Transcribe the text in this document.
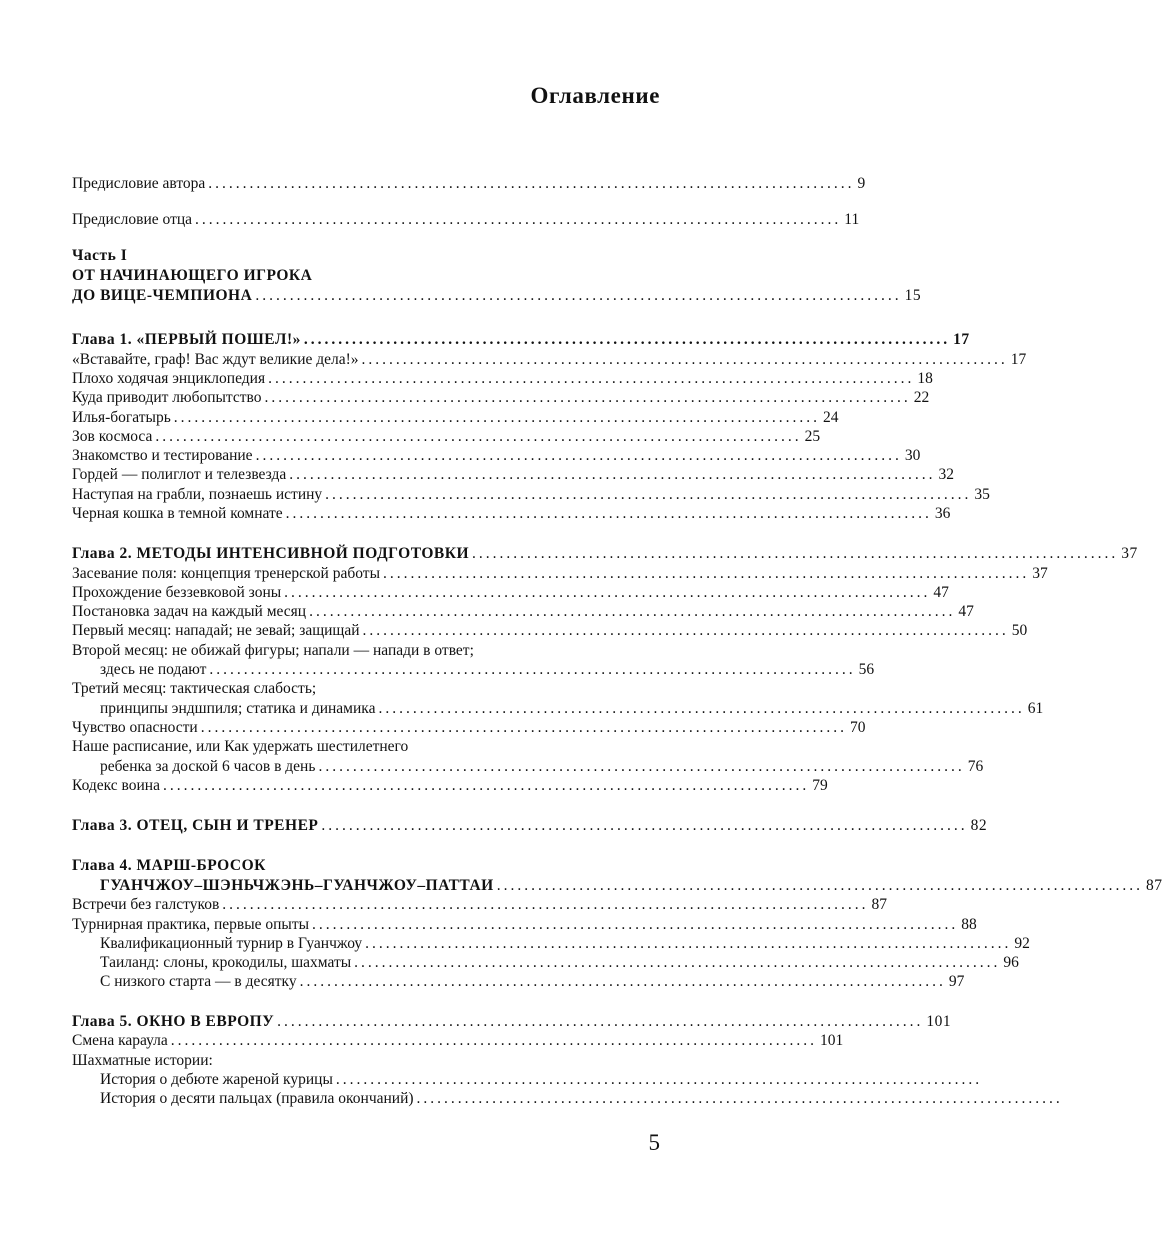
Оглавление
Предисловие автора .............................................................................................. 9
Предисловие отца .............................................................................................. 11
Часть I
ОТ НАЧИНАЮЩЕГО ИГРОКА
ДО ВИЦЕ-ЧЕМПИОНА .............................................................................................. 15
Глава 1. «ПЕРВЫЙ ПОШЕЛ!» .............................................................................................. 17
«Вставайте, граф! Вас ждут великие дела!» .............................................................................................. 17
Плохо ходячая энциклопедия .............................................................................................. 18
Куда приводит любопытство .............................................................................................. 22
Илья-богатырь .............................................................................................. 24
Зов космоса .............................................................................................. 25
Знакомство и тестирование .............................................................................................. 30
Гордей — полиглот и телезвезда .............................................................................................. 32
Наступая на грабли, познаешь истину .............................................................................................. 35
Черная кошка в темной комнате .............................................................................................. 36
Глава 2. МЕТОДЫ ИНТЕНСИВНОЙ ПОДГОТОВКИ .............................................................................................. 37
Засевание поля: концепция тренерской работы .............................................................................................. 37
Прохождение беззевковой зоны .............................................................................................. 47
Постановка задач на каждый месяц .............................................................................................. 47
Первый месяц: нападай; не зевай; защищай .............................................................................................. 50
Второй месяц: не обижай фигуры; напали — напади в ответ;
здесь не подают .............................................................................................. 56
Третий месяц: тактическая слабость;
принципы эндшпиля; статика и динамика .............................................................................................. 61
Чувство опасности .............................................................................................. 70
Наше расписание, или Как удержать шестилетнего
ребенка за доской 6 часов в день .............................................................................................. 76
Кодекс воина .............................................................................................. 79
Глава 3. ОТЕЦ, СЫН И ТРЕНЕР .............................................................................................. 82
Глава 4. МАРШ-БРОСОК
ГУАНЧЖОУ–ШЭНЬЧЖЭНЬ–ГУАНЧЖОУ–ПАТТАИ .............................................................................................. 87
Встречи без галстуков .............................................................................................. 87
Турнирная практика, первые опыты .............................................................................................. 88
Квалификационный турнир в Гуанчжоу .............................................................................................. 92
Таиланд: слоны, крокодилы, шахматы .............................................................................................. 96
С низкого старта — в десятку .............................................................................................. 97
Глава 5. ОКНО В ЕВРОПУ .............................................................................................. 101
Смена караула .............................................................................................. 101
Шахматные истории:
История о дебюте жареной курицы ..............................................................................................
История о десяти пальцах (правила окончаний) ..............................................................................................
5
